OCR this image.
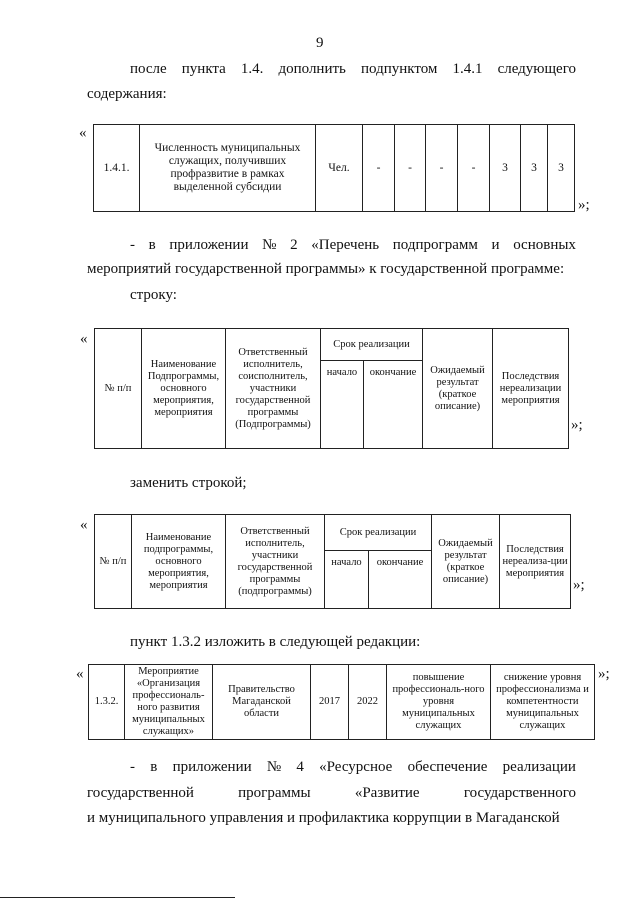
9
после пункта 1.4. дополнить подпунктом 1.4.1 следующего
содержания:
«
1.4.1.	Численность муниципальных служащих, получивших профразвитие в рамках выделенной субсидии	Чел.	-	-	-	-	3	3	3
»;
- в приложении № 2 «Перечень подпрограмм и основных
мероприятий государственной программы» к государственной программе:
строку:
«
№ п/п	Наименование Подпрограммы, основного мероприятия, мероприятия	Ответственный исполнитель, соисполнитель, участники государственной программы (Подпрограммы)	Срок реализации		Ожидаемый результат (краткое описание)	Последствия нереализации мероприятия
			начало	окончание		
»;
заменить строкой;
«
№ п/п	Наименование подпрограммы, основного мероприятия, мероприятия	Ответственный исполнитель, участники государственной программы (подпрограммы)	Срок реализации		Ожидаемый результат (краткое описание)	Последствия нереализа-ции мероприятия
			начало	окончание		
»;
пункт 1.3.2 изложить в следующей редакции:
«
1.3.2.	Мероприятие «Организация профессиональ-ного развития муниципальных служащих»	Правительство Магаданской области	2017	2022	повышение профессиональ-ного уровня муниципальных служащих	снижение уровня профессионализма и компетентности муниципальных служащих
»;
- в приложении № 4 «Ресурсное обеспечение реализации
государственной	программы	«Развитие	государственного
и муниципального управления и профилактика коррупции в Магаданской
